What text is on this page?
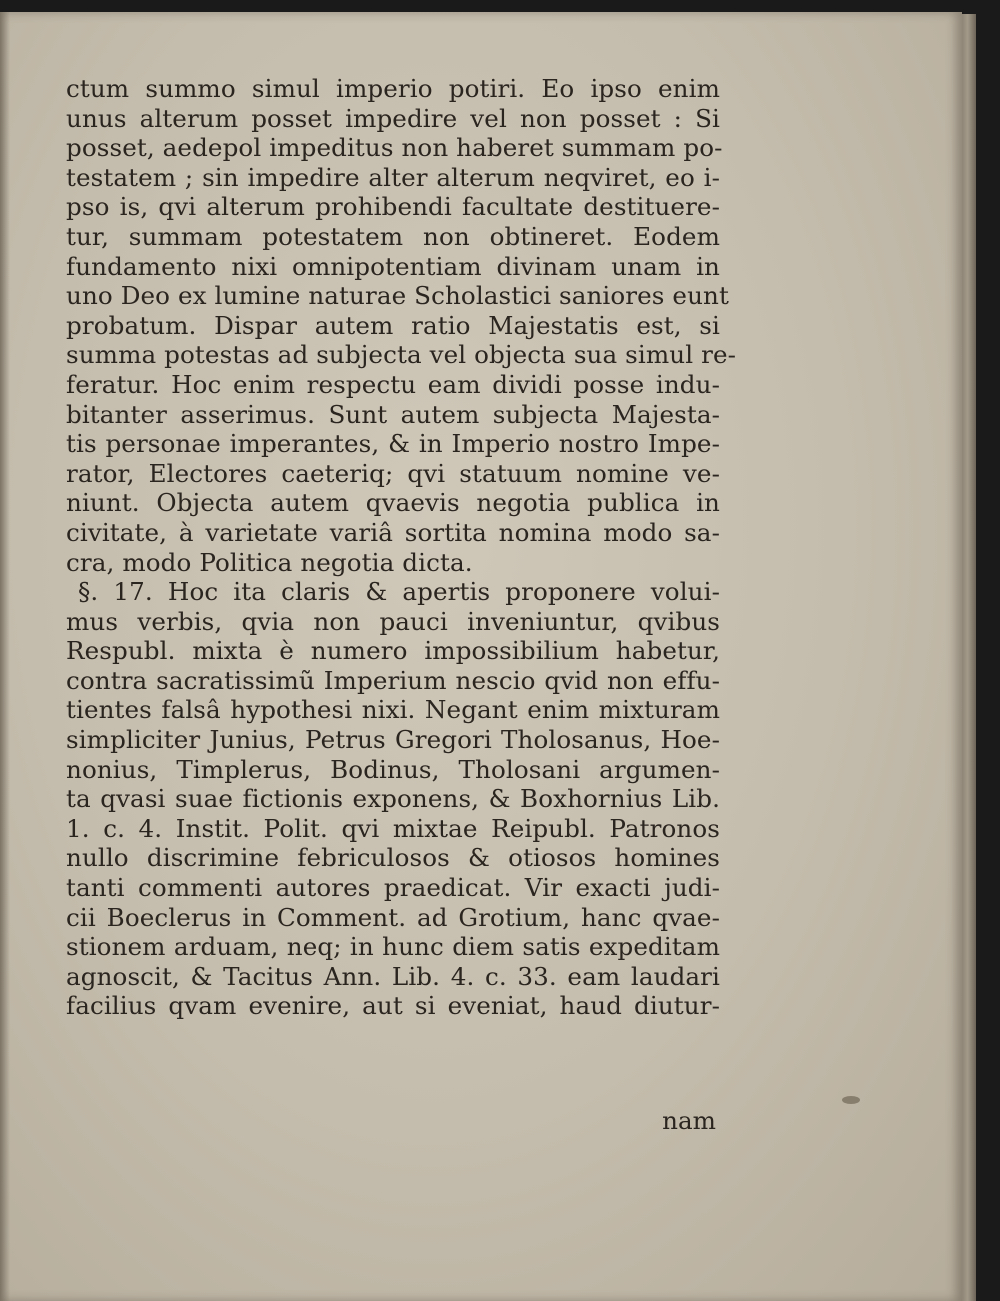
ctum summo simul imperio potiri. Eo ipso enim
unus alterum posset impedire vel non posset : Si
posset, aedepol impeditus non haberet summam po-
testatem ; sin impedire alter alterum neqviret, eo i-
pso is, qvi alterum prohibendi facultate destituere-
tur, summam potestatem non obtineret. Eodem
fundamento nixi omnipotentiam divinam unam in
uno Deo ex lumine naturae Scholastici saniores eunt
probatum. Dispar autem ratio Majestatis est, si
summa potestas ad subjecta vel objecta sua simul re-
feratur. Hoc enim respectu eam dividi posse indu-
bitanter asserimus. Sunt autem subjecta Majesta-
tis personae imperantes, & in Imperio nostro Impe-
rator, Electores caeteriq; qvi statuum nomine ve-
niunt. Objecta autem qvaevis negotia publica in
civitate, à varietate variâ sortita nomina modo sa-
cra, modo Politica negotia dicta.
§. 17. Hoc ita claris & apertis proponere volui-
mus verbis, qvia non pauci inveniuntur, qvibus
Respubl. mixta è numero impossibilium habetur,
contra sacratissimũ Imperium nescio qvid non effu-
tientes falsâ hypothesi nixi. Negant enim mixturam
simpliciter Junius, Petrus Gregori Tholosanus, Hoe-
nonius, Timplerus, Bodinus, Tholosani argumen-
ta qvasi suae fictionis exponens, & Boxhornius Lib.
1. c. 4. Instit. Polit. qvi mixtae Reipubl. Patronos
nullo discrimine febriculosos & otiosos homines
tanti commenti autores praedicat. Vir exacti judi-
cii Boeclerus in Comment. ad Grotium, hanc qvae-
stionem arduam, neq; in hunc diem satis expeditam
agnoscit, & Tacitus Ann. Lib. 4. c. 33. eam laudari
facilius qvam evenire, aut si eveniat, haud diutur-
nam
